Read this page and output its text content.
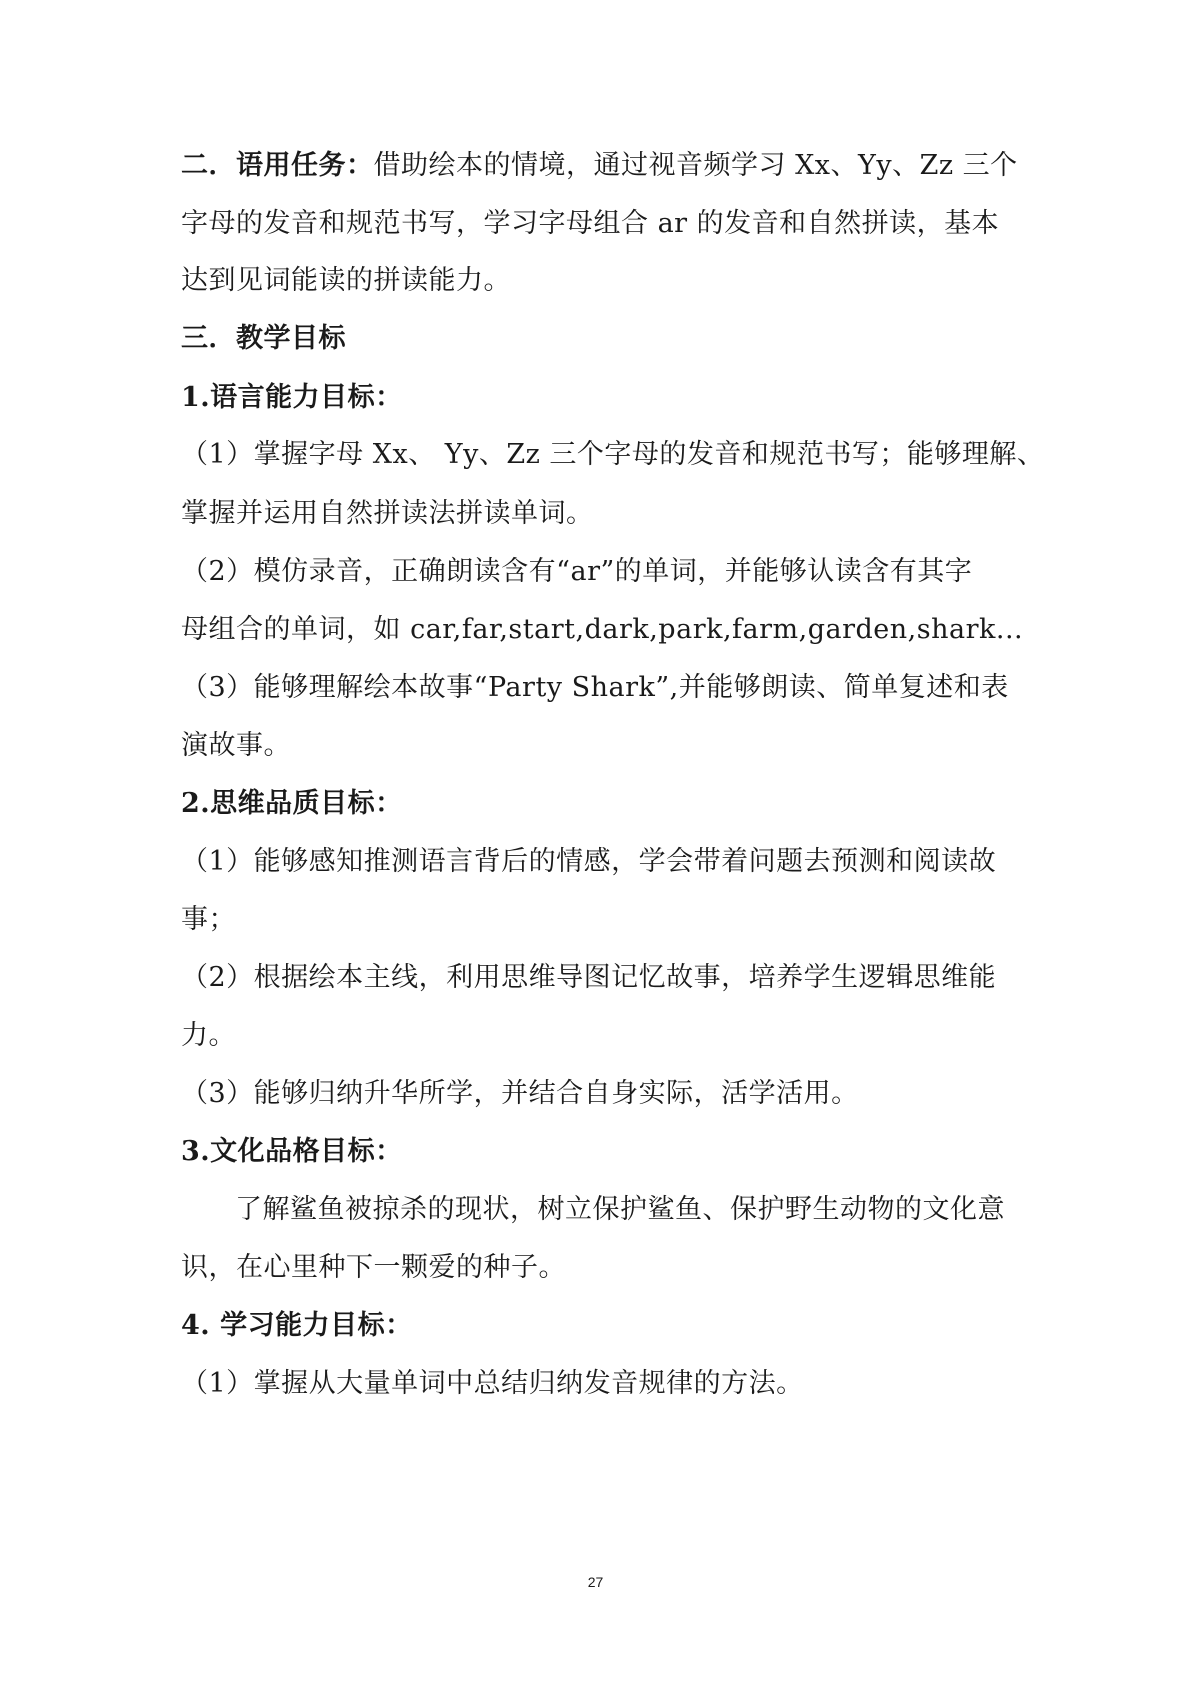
二．语用任务：借助绘本的情境，通过视音频学习 Xx、Yy、Zz 三个
字母的发音和规范书写，学习字母组合 ar 的发音和自然拼读，基本
达到见词能读的拼读能力。
三．教学目标
1.语言能力目标：
（1）掌握字母 Xx、 Yy、Zz 三个字母的发音和规范书写；能够理解、
掌握并运用自然拼读法拼读单词。
（2）模仿录音，正确朗读含有“ar”的单词，并能够认读含有其字
母组合的单词，如 car,far,start,dark,park,farm,garden,shark...
（3）能够理解绘本故事“Party Shark”,并能够朗读、简单复述和表
演故事。
2.思维品质目标：
（1）能够感知推测语言背后的情感，学会带着问题去预测和阅读故
事；
（2）根据绘本主线，利用思维导图记忆故事，培养学生逻辑思维能
力。
（3）能够归纳升华所学，并结合自身实际，活学活用。
3.文化品格目标：
了解鲨鱼被掠杀的现状，树立保护鲨鱼、保护野生动物的文化意
识，在心里种下一颗爱的种子。
4. 学习能力目标：
（1）掌握从大量单词中总结归纳发音规律的方法。
27
